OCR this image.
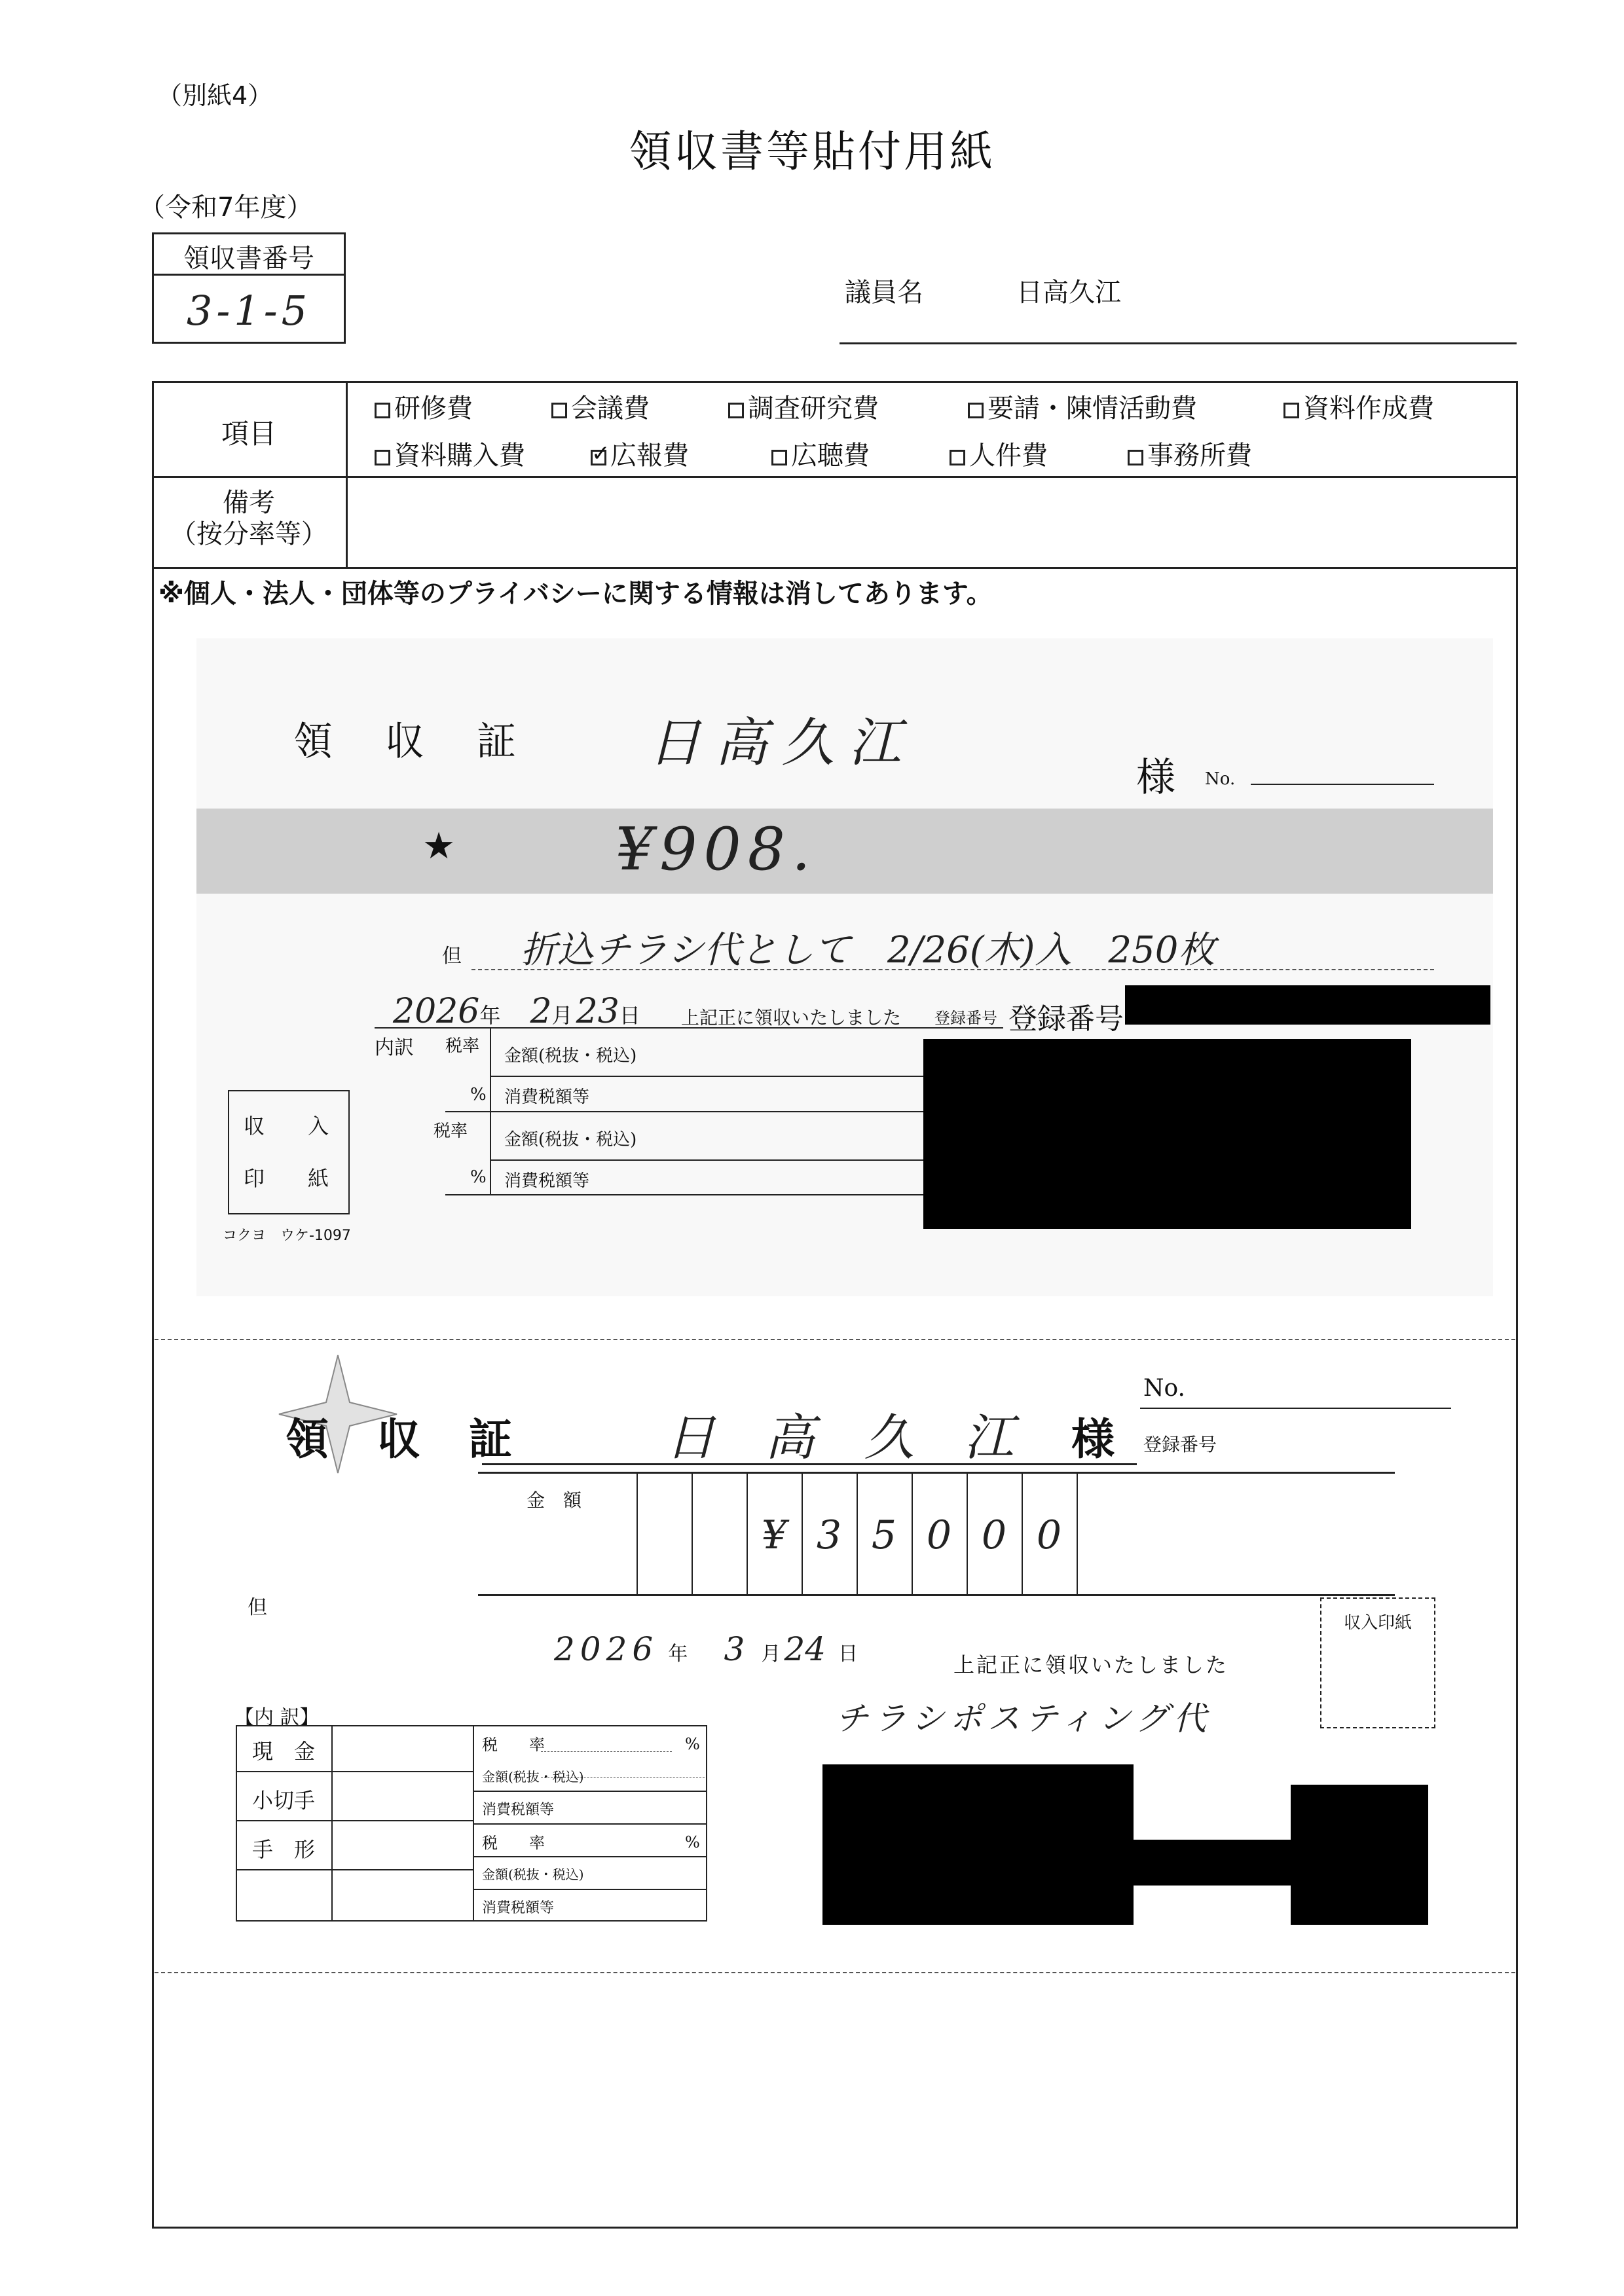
（別紙4）
領収書等貼付用紙
（令和7年度）
領収書番号
3-1-5	議員名	日高久江
項目
研修費	会議費	調査研究費	要請・陳情活動費	資料作成費
資料購入費
✓	広報費	広聴費	人件費	事務所費
備考
（按分率等）
※個人・法人・団体等のプライバシーに関する情報は消してあります。
領　収　証 日高久江
様 No.
★	¥908.
但 折込チラシ代として　2/26(木)入　250枚
2026年 2月 23日 上記正に領収いたしました 登録番号 登録番号
内訳 税率
%
金額(税抜・税込)
消費税額等
税率
%
金額(税抜・税込)
消費税額等
収 入
印 紙
コクヨ　ウケ-1097
No.
領 収 証	日　高　久　江 様 登録番号
金　額
¥ 3 5 0 0 0
但
収入印紙
2026 年 3 月 24 日	上記正に領収いたしました
チラシポスティング代
【内 訳】
現　金
小切手
手　形
税　　率	%
金額(税抜・税込)
消費税額等
税　　率	%
金額(税抜・税込)
消費税額等
